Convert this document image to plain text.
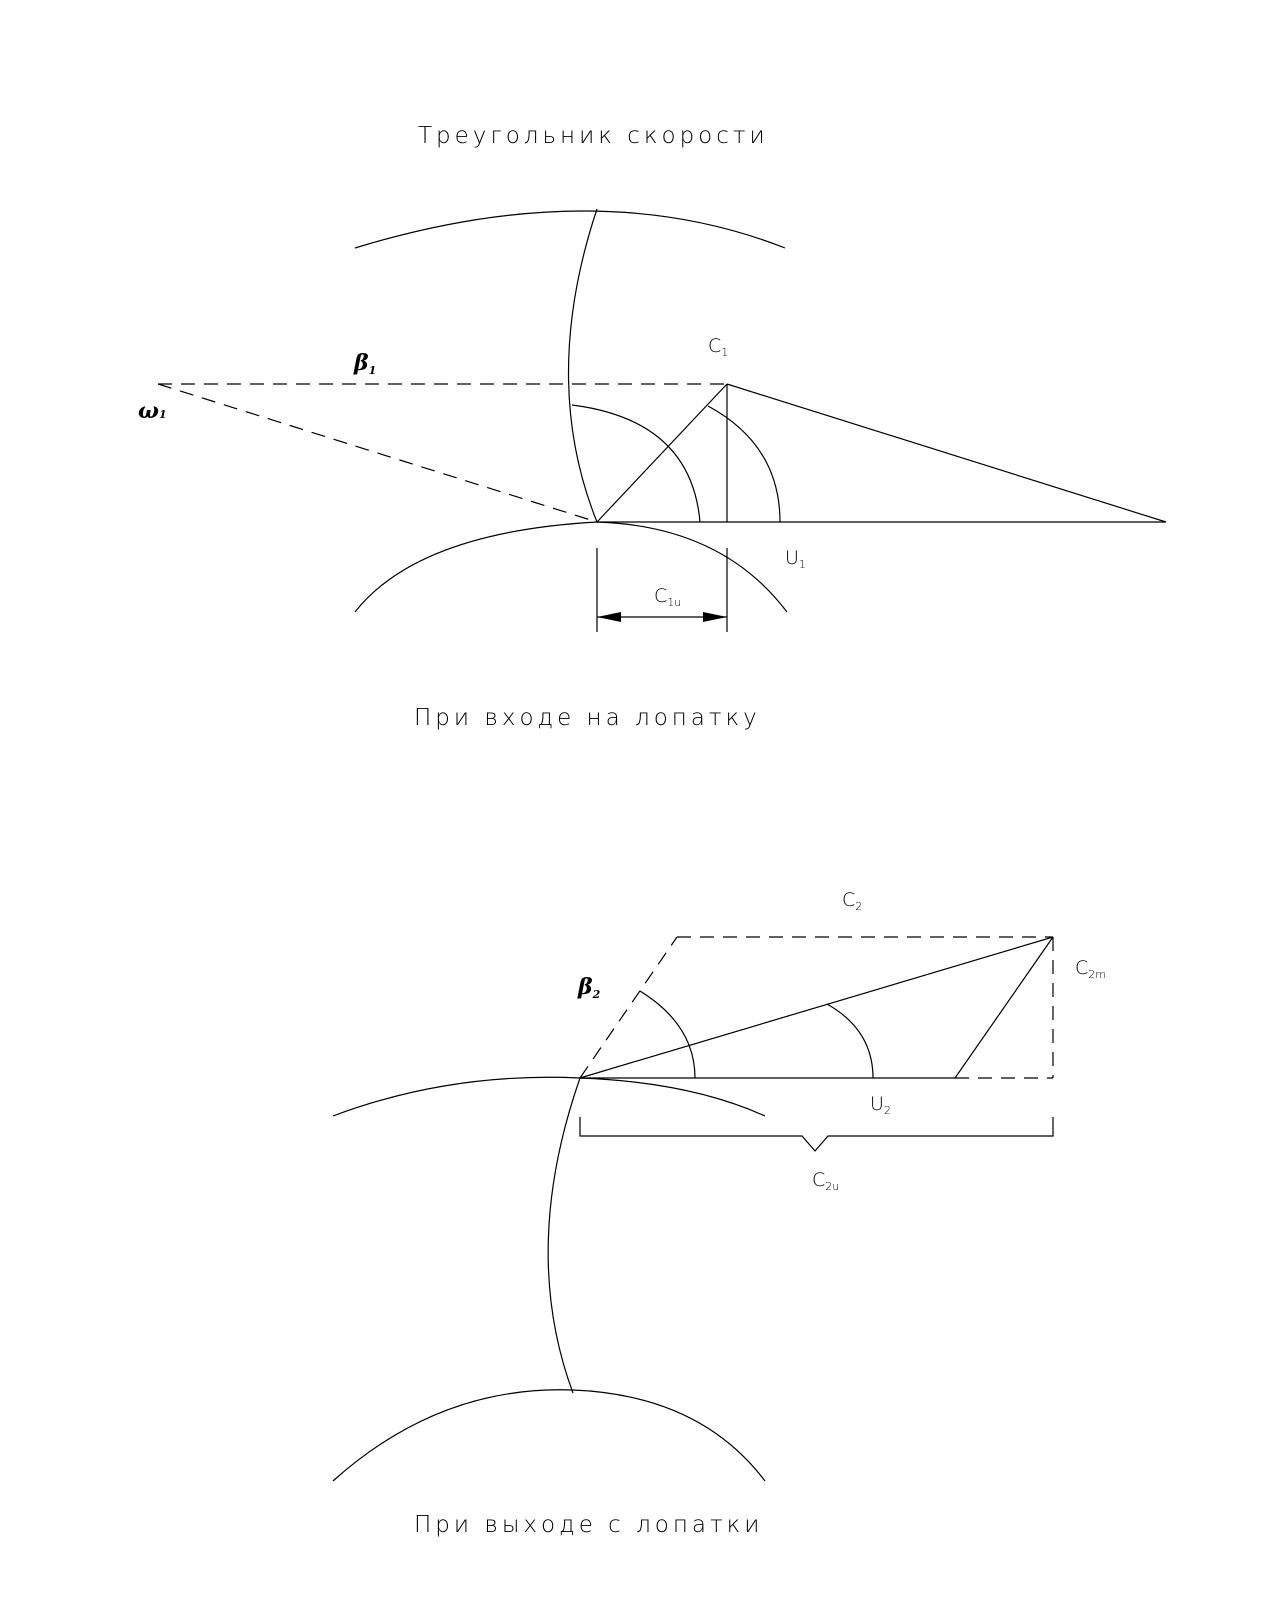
Треугольник скорости
$C_1$
β1
ω1
$U_1$
$C_{1u}$
При входе на лопатку
$C_2$
β2
$C_{2m}$
$U_2$
$C_{2u}$
При выходе с лопатки
